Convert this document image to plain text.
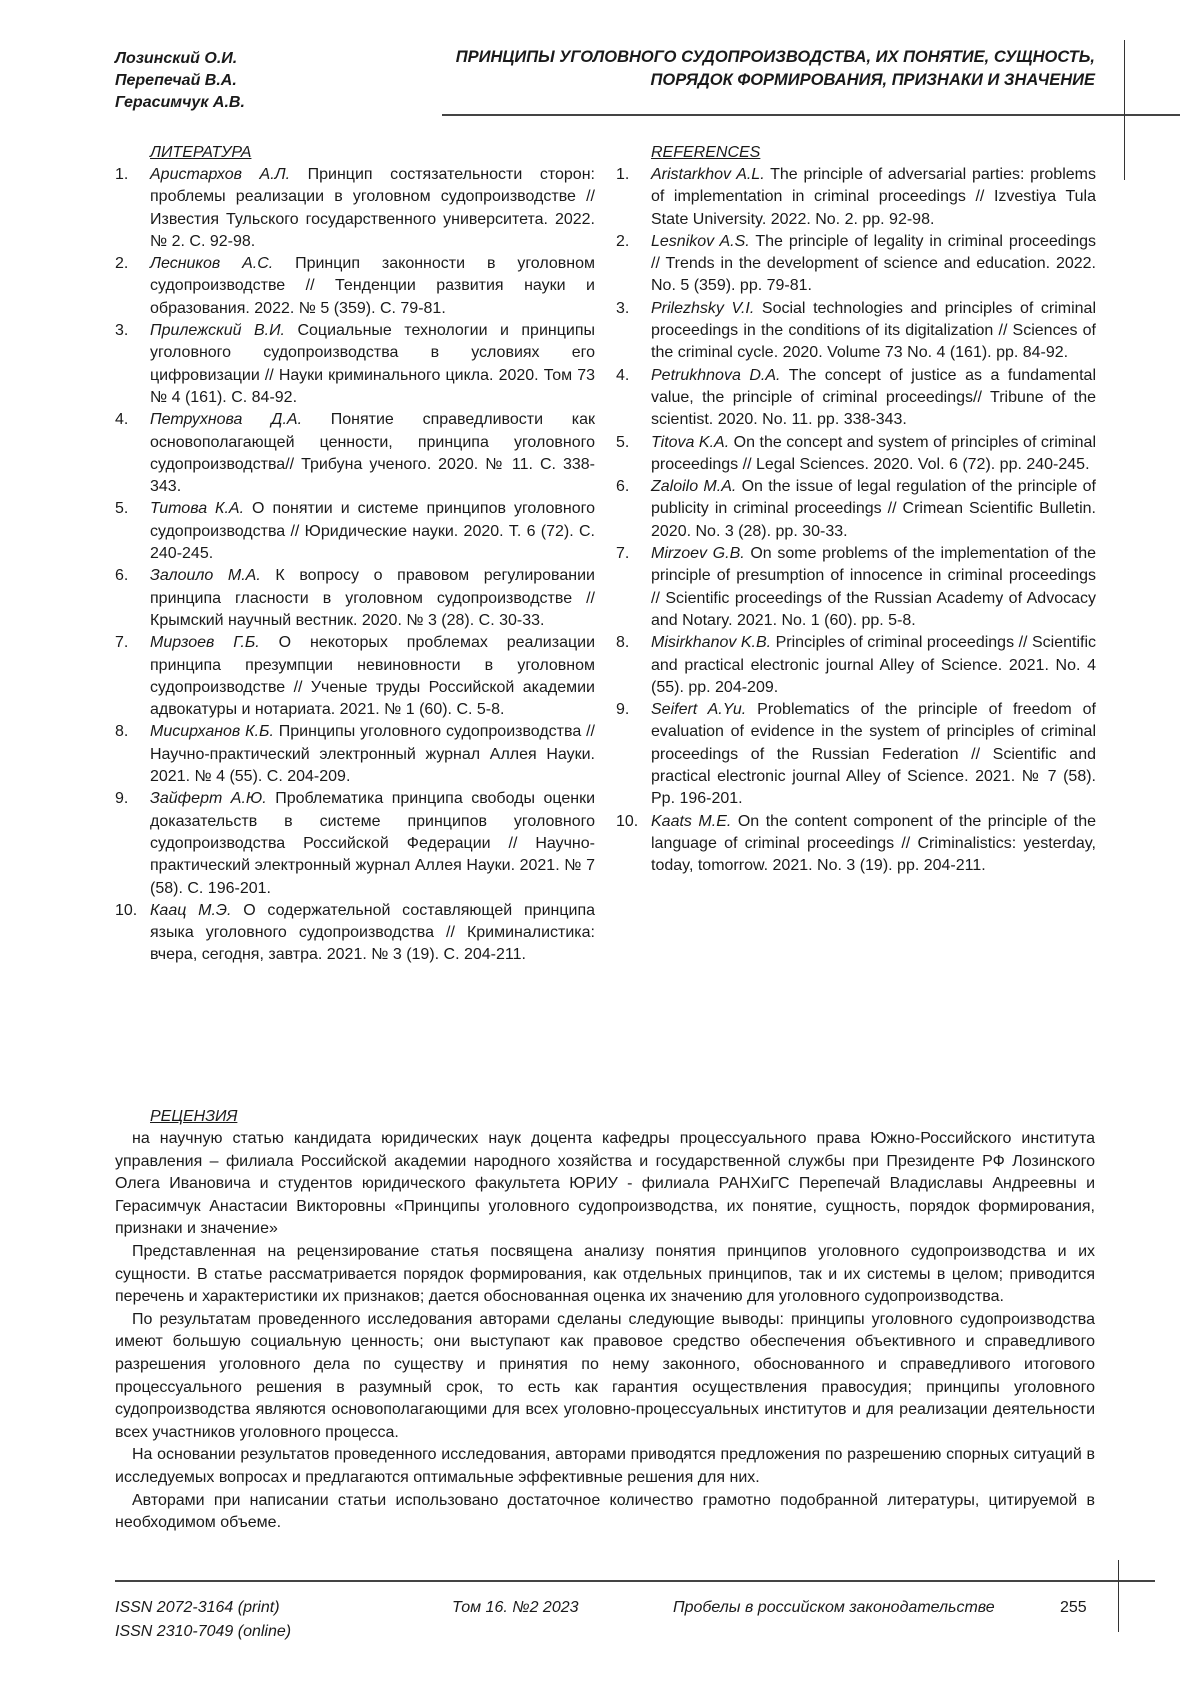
Лозинский О.И.
Перепечай В.А.
Герасимчук А.В.
ПРИНЦИПЫ УГОЛОВНОГО СУДОПРОИЗВОДСТВА, ИХ ПОНЯТИЕ, СУЩНОСТЬ,
ПОРЯДОК ФОРМИРОВАНИЯ, ПРИЗНАКИ И ЗНАЧЕНИЕ
ЛИТЕРАТУРА
1.	Аристархов А.Л. Принцип состязательности сторон: проблемы реализации в уголовном судопроизводстве // Известия Тульского государственного университета. 2022. № 2. С. 92-98.
2.	Лесников А.С. Принцип законности в уголовном судопроизводстве // Тенденции развития науки и образования. 2022. № 5 (359). С. 79-81.
3.	Прилежский В.И. Социальные технологии и принципы уголовного судопроизводства в условиях его цифровизации // Науки криминального цикла. 2020. Том 73 № 4 (161). С. 84-92.
4.	Петрухнова Д.А. Понятие справедливости как основополагающей ценности, принципа уголовного судопроизводства// Трибуна ученого. 2020. № 11. С. 338-343.
5.	Титова К.А. О понятии и системе принципов уголовного судопроизводства // Юридические науки. 2020. Т. 6 (72). С. 240-245.
6.	Залоило М.А. К вопросу о правовом регулировании принципа гласности в уголовном судопроизводстве // Крымский научный вестник. 2020. № 3 (28). С. 30-33.
7.	Мирзоев Г.Б. О некоторых проблемах реализации принципа презумпции невиновности в уголовном судопроизводстве // Ученые труды Российской академии адвокатуры и нотариата. 2021. № 1 (60). С. 5-8.
8.	Мисирханов К.Б. Принципы уголовного судопроизводства // Научно-практический электронный журнал Аллея Науки. 2021. № 4 (55). С. 204-209.
9.	Зайферт А.Ю. Проблематика принципа свободы оценки доказательств в системе принципов уголовного судопроизводства Российской Федерации // Научно-практический электронный журнал Аллея Науки. 2021. № 7 (58). С. 196-201.
10. Каац М.Э. О содержательной составляющей принципа языка уголовного судопроизводства // Криминалистика: вчера, сегодня, завтра. 2021. № 3 (19). С. 204-211.
REFERENCES
1.	Aristarkhov A.L. The principle of adversarial parties: problems of implementation in criminal proceedings // Izvestiya Tula State University. 2022. No. 2. pp. 92-98.
2.	Lesnikov A.S. The principle of legality in criminal proceedings // Trends in the development of science and education. 2022. No. 5 (359). pp. 79-81.
3.	Prilezhsky V.I. Social technologies and principles of criminal proceedings in the conditions of its digitalization // Sciences of the criminal cycle. 2020. Volume 73 No. 4 (161). pp. 84-92.
4.	Petrukhnova D.A. The concept of justice as a fundamental value, the principle of criminal proceedings// Tribune of the scientist. 2020. No. 11. pp. 338-343.
5.	Titova K.A. On the concept and system of principles of criminal proceedings // Legal Sciences. 2020. Vol. 6 (72). pp. 240-245.
6.	Zaloilo M.A. On the issue of legal regulation of the principle of publicity in criminal proceedings // Crimean Scientific Bulletin. 2020. No. 3 (28). pp. 30-33.
7.	Mirzoev G.B. On some problems of the implementation of the principle of presumption of innocence in criminal proceedings // Scientific proceedings of the Russian Academy of Advocacy and Notary. 2021. No. 1 (60). pp. 5-8.
8.	Misirkhanov K.B. Principles of criminal proceedings // Scientific and practical electronic journal Alley of Science. 2021. No. 4 (55). pp. 204-209.
9.	Seifert A.Yu. Problematics of the principle of freedom of evaluation of evidence in the system of principles of criminal proceedings of the Russian Federation // Scientific and practical electronic journal Alley of Science. 2021. № 7 (58). Pp. 196-201.
10. Kaats M.E. On the content component of the principle of the language of criminal proceedings // Criminalistics: yesterday, today, tomorrow. 2021. No. 3 (19). pp. 204-211.
РЕЦЕНЗИЯ

на научную статью кандидата юридических наук доцента кафедры процессуального права Южно-Российского института управления – филиала Российской академии народного хозяйства и государственной службы при Президенте РФ Лозинского Олега Ивановича и студентов юридического факультета ЮРИУ - филиала РАНХиГС Перепечай Владиславы Андреевны и Герасимчук Анастасии Викторовны «Принципы уголовного судопроизводства, их понятие, сущность, порядок формирования, признаки и значение»

Представленная на рецензирование статья посвящена анализу понятия принципов уголовного судопроизводства и их сущности. В статье рассматривается порядок формирования, как отдельных принципов, так и их системы в целом; приводится перечень и характеристики их признаков; дается обоснованная оценка их значению для уголовного судопроизводства.

По результатам проведенного исследования авторами сделаны следующие выводы: принципы уголовного судопроизводства имеют большую социальную ценность; они выступают как правовое средство обеспечения объективного и справедливого разрешения уголовного дела по существу и принятия по нему законного, обоснованного и справедливого итогового процессуального решения в разумный срок, то есть как гарантия осуществления правосудия; принципы уголовного судопроизводства являются основополагающими для всех уголовно-процессуальных институтов и для реализации деятельности всех участников уголовного процесса.

На основании результатов проведенного исследования, авторами приводятся предложения по разрешению спорных ситуаций в исследуемых вопросах и предлагаются оптимальные эффективные решения для них.

Авторами при написании статьи использовано достаточное количество грамотно подобранной литературы, цитируемой в необходимом объеме.

ISSN 2072-3164 (print)
ISSN 2310-7049 (online)
Том 16. №2 2023	Пробелы в российском законодательстве	255
